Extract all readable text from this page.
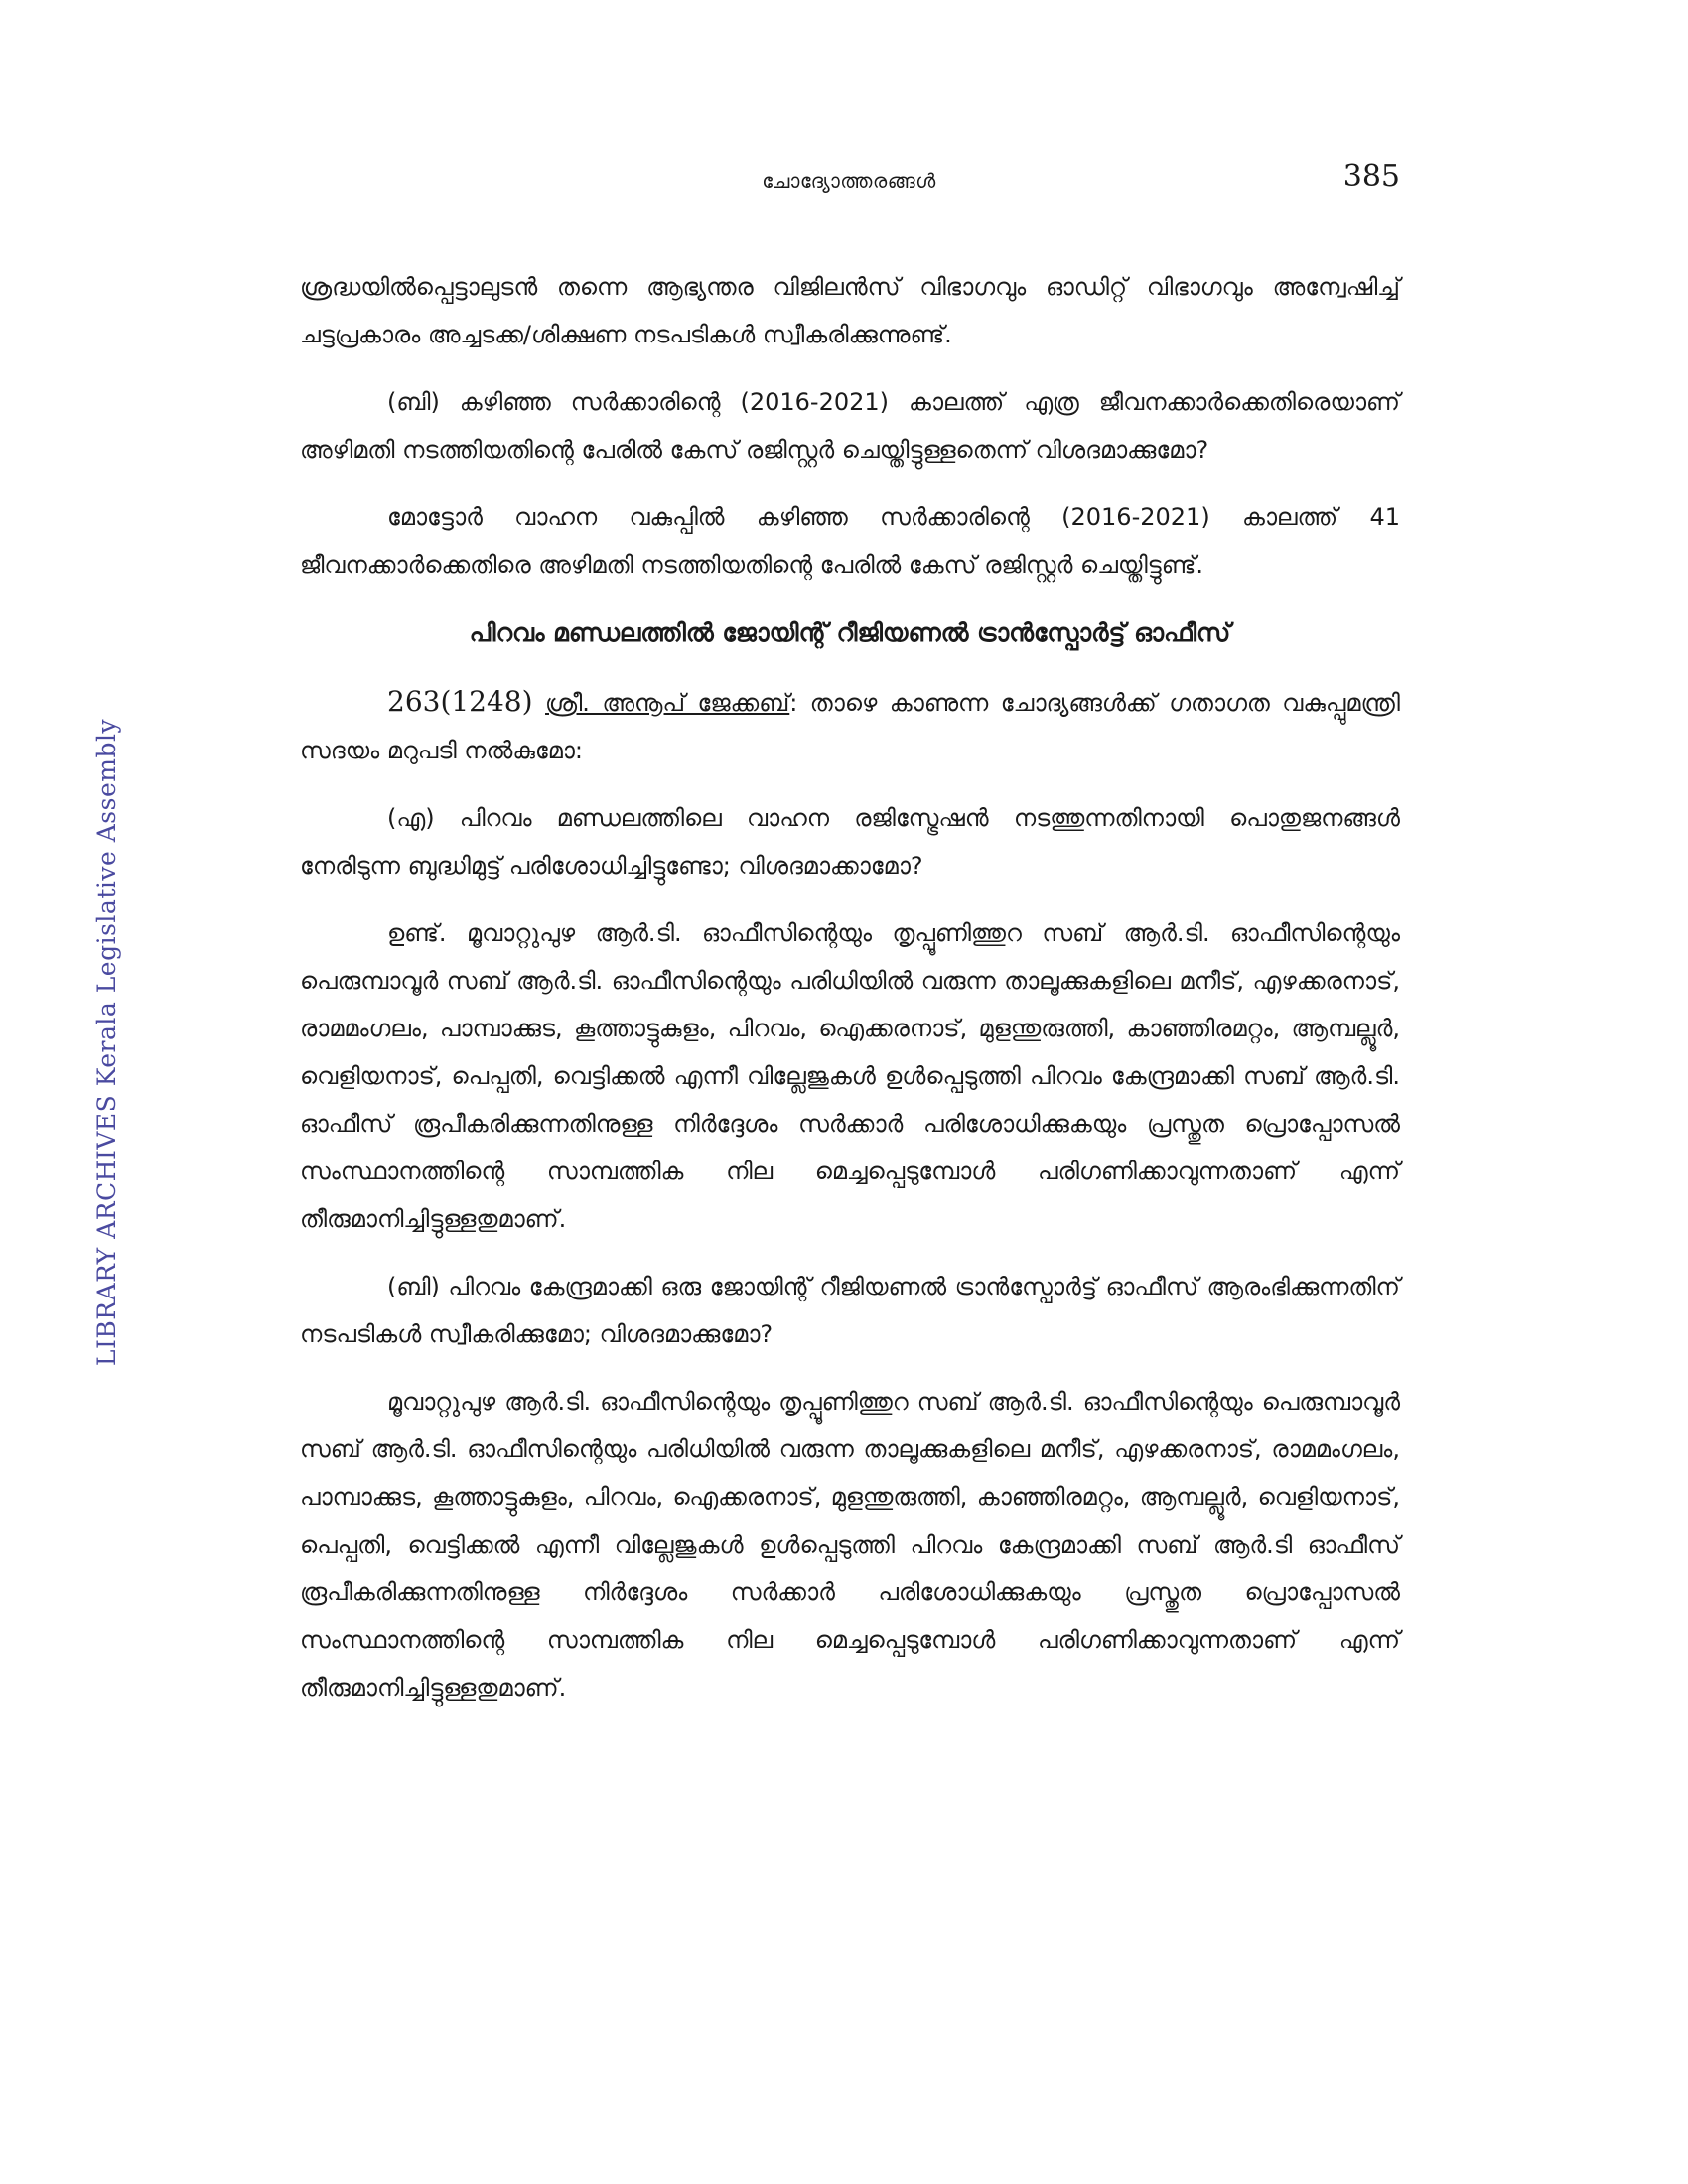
ചോദ്യോത്തരങ്ങൾ	385
LIBRARY ARCHIVES Kerala Legislative Assembly

ശ്രദ്ധയിൽപ്പെട്ടാലുടൻ തന്നെ ആഭ്യന്തര വിജിലൻസ് വിഭാഗവും ഓഡിറ്റ് വിഭാഗവും അന്വേഷിച്ച് ചട്ടപ്രകാരം അച്ചടക്ക/ശിക്ഷണ നടപടികൾ സ്വീകരിക്കുന്നുണ്ട്.

(ബി) കഴിഞ്ഞ സർക്കാരിന്റെ (2016-2021) കാലത്ത് എത്ര ജീവനക്കാർക്കെതിരെയാണ് അഴിമതി നടത്തിയതിന്റെ പേരിൽ കേസ് രജിസ്റ്റർ ചെയ്തിട്ടുള്ളതെന്ന് വിശദമാക്കുമോ?

മോട്ടോർ വാഹന വകുപ്പിൽ കഴിഞ്ഞ സർക്കാരിന്റെ (2016-2021) കാലത്ത് 41 ജീവനക്കാർക്കെതിരെ അഴിമതി നടത്തിയതിന്റെ പേരിൽ കേസ് രജിസ്റ്റർ ചെയ്തിട്ടുണ്ട്.

പിറവം മണ്ഡലത്തിൽ ജോയിന്റ് റീജിയണൽ ട്രാൻസ്പോർട്ട് ഓഫീസ്

263(1248) ശ്രീ. അനൂപ് ജേക്കബ്: താഴെ കാണുന്ന ചോദ്യങ്ങൾക്ക് ഗതാഗത വകുപ്പുമന്ത്രി സദയം മറുപടി നൽകുമോ:

(എ) പിറവം മണ്ഡലത്തിലെ വാഹന രജിസ്ട്രേഷൻ നടത്തുന്നതിനായി പൊതുജനങ്ങൾ നേരിടുന്ന ബുദ്ധിമുട്ട് പരിശോധിച്ചിട്ടുണ്ടോ; വിശദമാക്കാമോ?

ഉണ്ട്. മൂവാറ്റുപുഴ ആർ.ടി. ഓഫീസിന്റെയും തൃപ്പൂണിത്തുറ സബ് ആർ.ടി. ഓഫീസിന്റെയും പെരുമ്പാവൂർ സബ് ആർ.ടി. ഓഫീസിന്റെയും പരിധിയിൽ വരുന്ന താലൂക്കുകളിലെ മനീട്, എഴക്കരനാട്, രാമമംഗലം, പാമ്പാക്കുട, കൂത്താട്ടുകുളം, പിറവം, ഐക്കരനാട്, മുളന്തുരുത്തി, കാഞ്ഞിരമറ്റം, ആമ്പല്ലൂർ, വെളിയനാട്, പെപ്പതി, വെട്ടിക്കൽ എന്നീ വില്ലേജുകൾ ഉൾപ്പെടുത്തി പിറവം കേന്ദ്രമാക്കി സബ് ആർ.ടി. ഓഫീസ് രൂപീകരിക്കുന്നതിനുള്ള നിർദ്ദേശം സർക്കാർ പരിശോധിക്കുകയും പ്രസ്തുത പ്രൊപ്പോസൽ സംസ്ഥാനത്തിന്റെ സാമ്പത്തിക നില മെച്ചപ്പെടുമ്പോൾ പരിഗണിക്കാവുന്നതാണ് എന്ന് തീരുമാനിച്ചിട്ടുള്ളതുമാണ്.

(ബി) പിറവം കേന്ദ്രമാക്കി ഒരു ജോയിന്റ് റീജിയണൽ ട്രാൻസ്പോർട്ട് ഓഫീസ് ആരംഭിക്കുന്നതിന് നടപടികൾ സ്വീകരിക്കുമോ; വിശദമാക്കുമോ?

മൂവാറ്റുപുഴ ആർ.ടി. ഓഫീസിന്റെയും തൃപ്പൂണിത്തുറ സബ് ആർ.ടി. ഓഫീസിന്റെയും പെരുമ്പാവൂർ സബ് ആർ.ടി. ഓഫീസിന്റെയും പരിധിയിൽ വരുന്ന താലൂക്കുകളിലെ മനീട്, എഴക്കരനാട്, രാമമംഗലം, പാമ്പാക്കുട, കൂത്താട്ടുകുളം, പിറവം, ഐക്കരനാട്, മുളന്തുരുത്തി, കാഞ്ഞിരമറ്റം, ആമ്പല്ലൂർ, വെളിയനാട്, പെപ്പതി, വെട്ടിക്കൽ എന്നീ വില്ലേജുകൾ ഉൾപ്പെടുത്തി പിറവം കേന്ദ്രമാക്കി സബ് ആർ.ടി ഓഫീസ് രൂപീകരിക്കുന്നതിനുള്ള നിർദ്ദേശം സർക്കാർ പരിശോധിക്കുകയും പ്രസ്തുത പ്രൊപ്പോസൽ സംസ്ഥാനത്തിന്റെ സാമ്പത്തിക നില മെച്ചപ്പെടുമ്പോൾ പരിഗണിക്കാവുന്നതാണ് എന്ന് തീരുമാനിച്ചിട്ടുള്ളതുമാണ്.
